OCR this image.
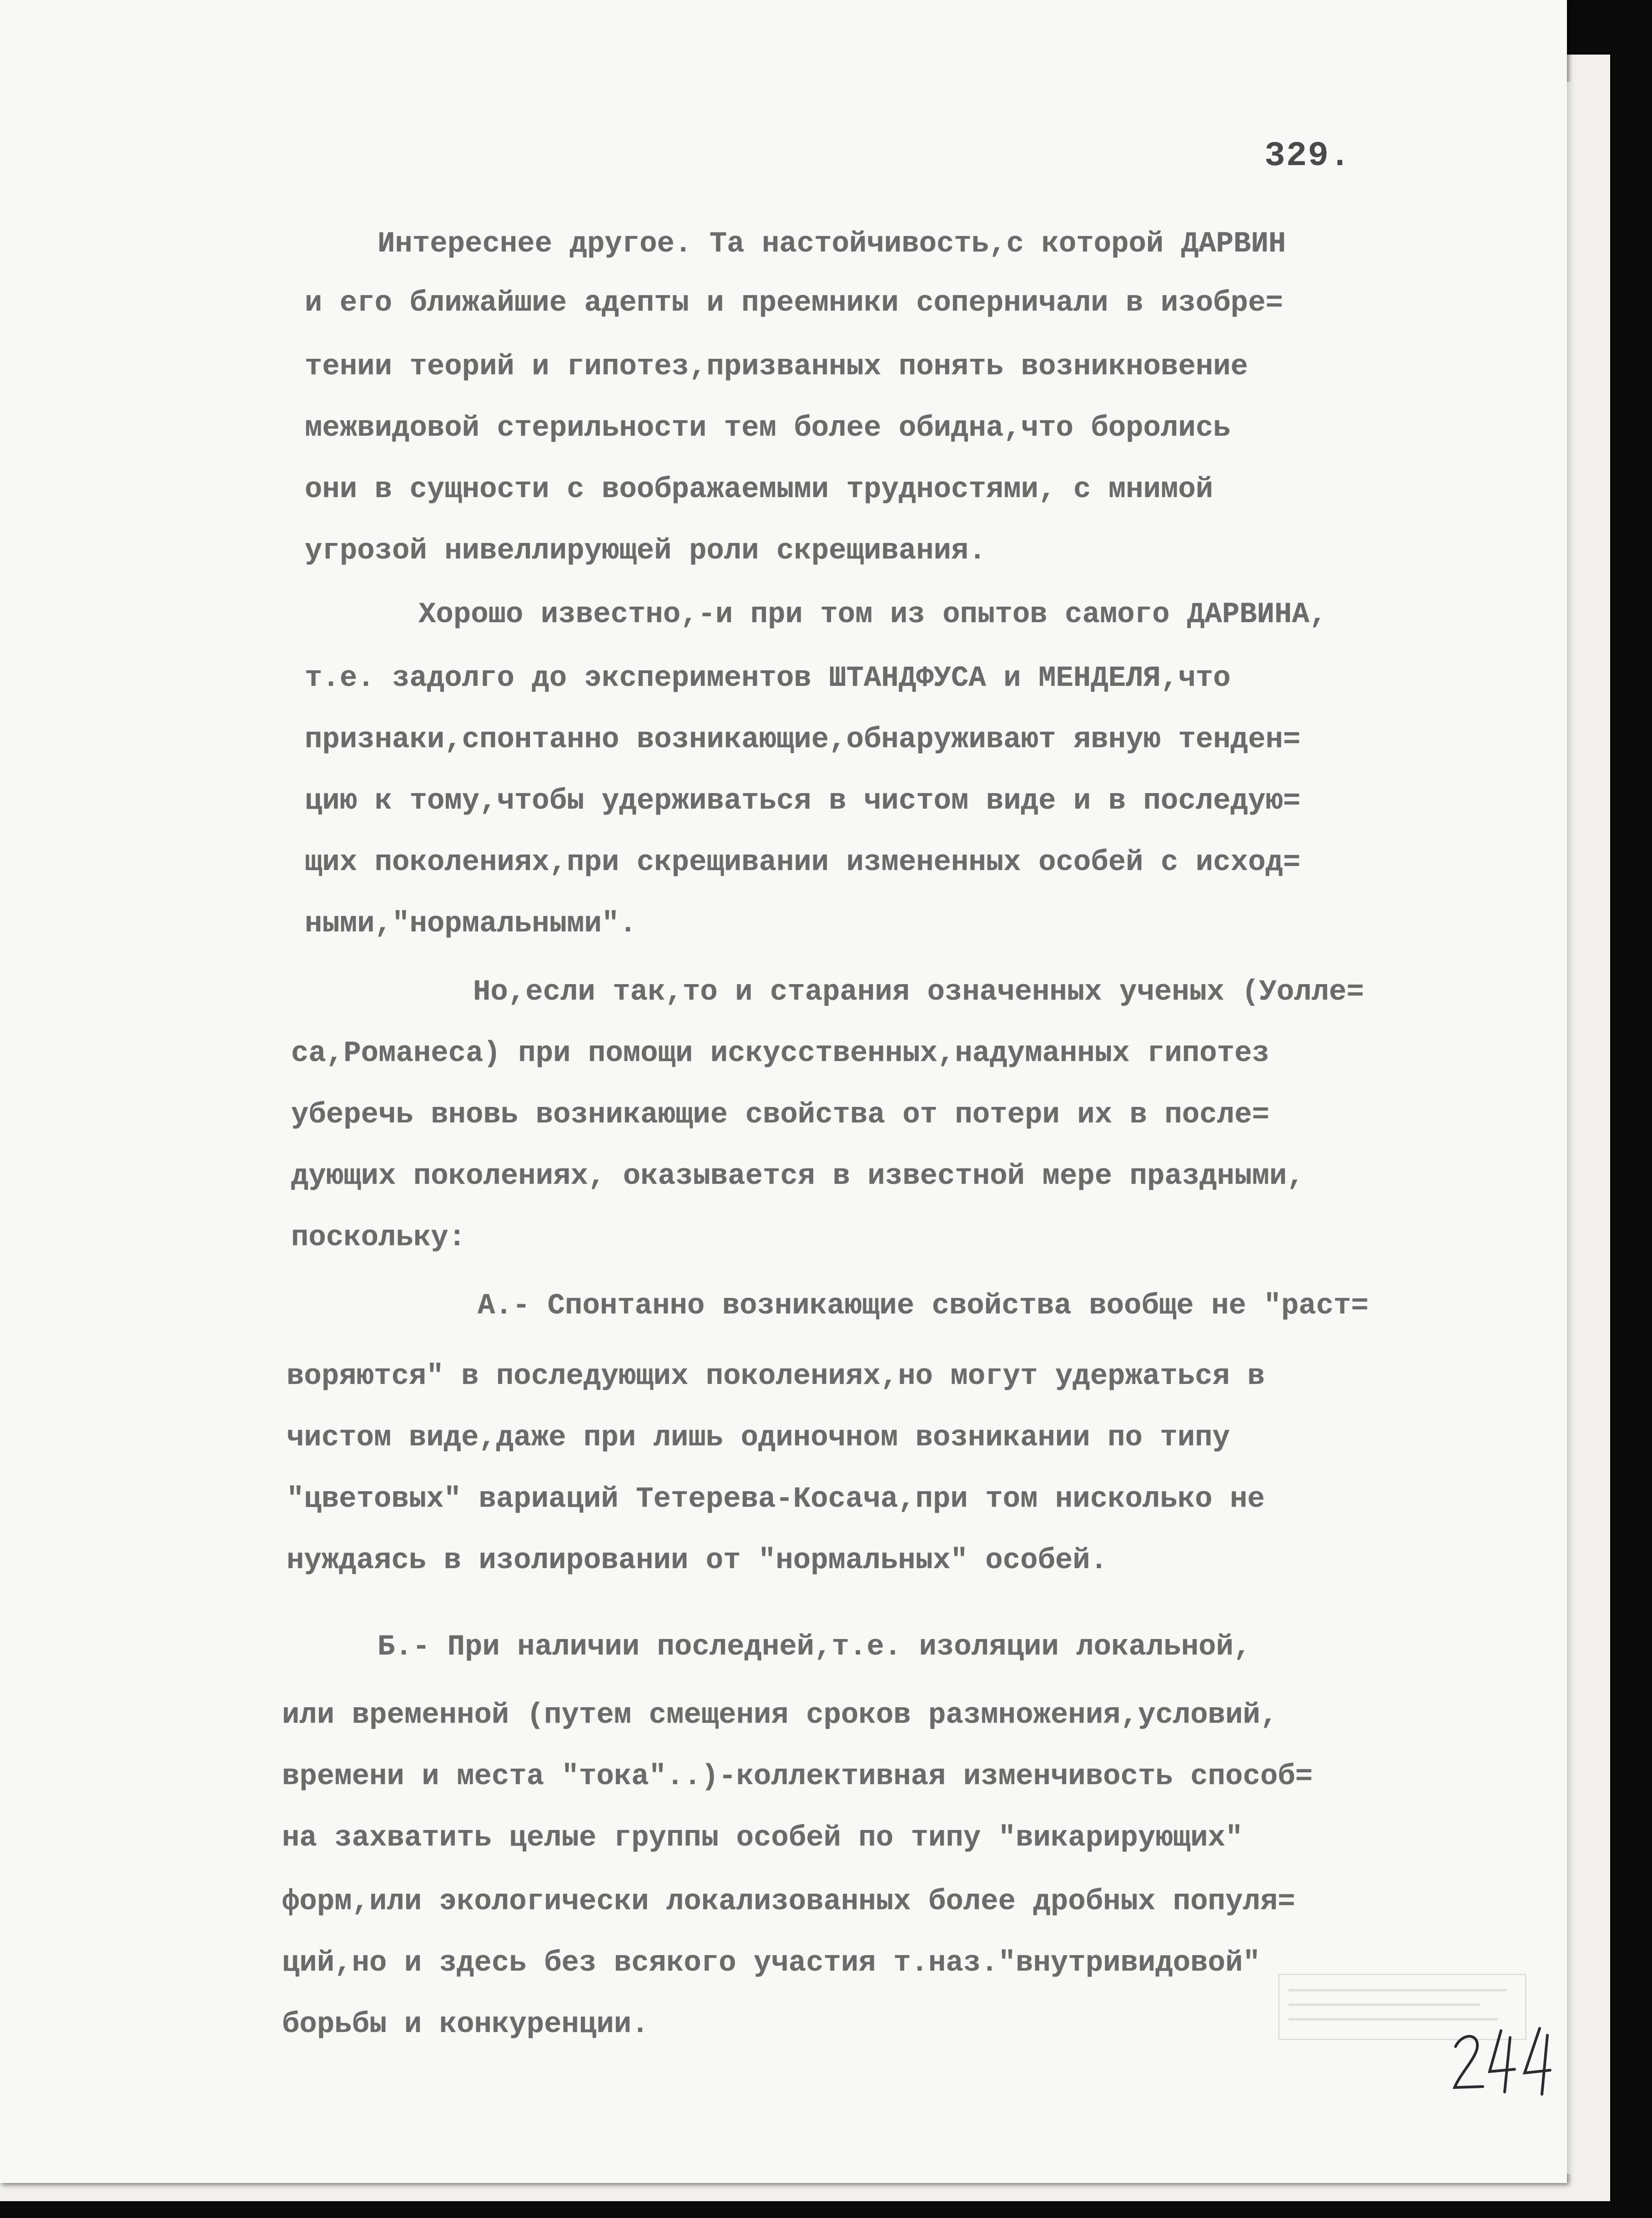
329.
Интереснее другое. Та настойчивость,с которой ДАРВИН
и его ближайшие адепты и преемники соперничали в изобре=
тении теорий и гипотез,призванных понять возникновение
межвидовой стерильности тем более обидна,что боролись
они в сущности с воображаемыми трудностями, с мнимой
угрозой нивеллирующей роли скрещивания.
Хорошо известно,-и при том из опытов самого ДАРВИНА,
т.е. задолго до экспериментов ШТАНДФУСА и МЕНДЕЛЯ,что
признаки,спонтанно возникающие,обнаруживают явную тенден=
цию к тому,чтобы удерживаться в чистом виде и в последую=
щих поколениях,при скрещивании измененных особей с исход=
ными,"нормальными".
Но,если так,то и старания означенных ученых (Уолле=
са,Романеса) при помощи искусственных,надуманных гипотез
уберечь вновь возникающие свойства от потери их в после=
дующих поколениях, оказывается в известной мере праздными,
поскольку:
А.- Спонтанно возникающие свойства вообще не "раст=
воряются" в последующих поколениях,но могут удержаться в
чистом виде,даже при лишь одиночном возникании по типу
"цветовых" вариаций Тетерева-Косача,при том нисколько не
нуждаясь в изолировании от "нормальных" особей.
Б.- При наличии последней,т.е. изоляции локальной,
или временной (путем смещения сроков размножения,условий,
времени и места "тока"..)-коллективная изменчивость способ=
на захватить целые группы особей по типу "викарирующих"
форм,или экологически локализованных более дробных популя=
ций,но и здесь без всякого участия т.наз."внутривидовой"
борьбы и конкуренции.
